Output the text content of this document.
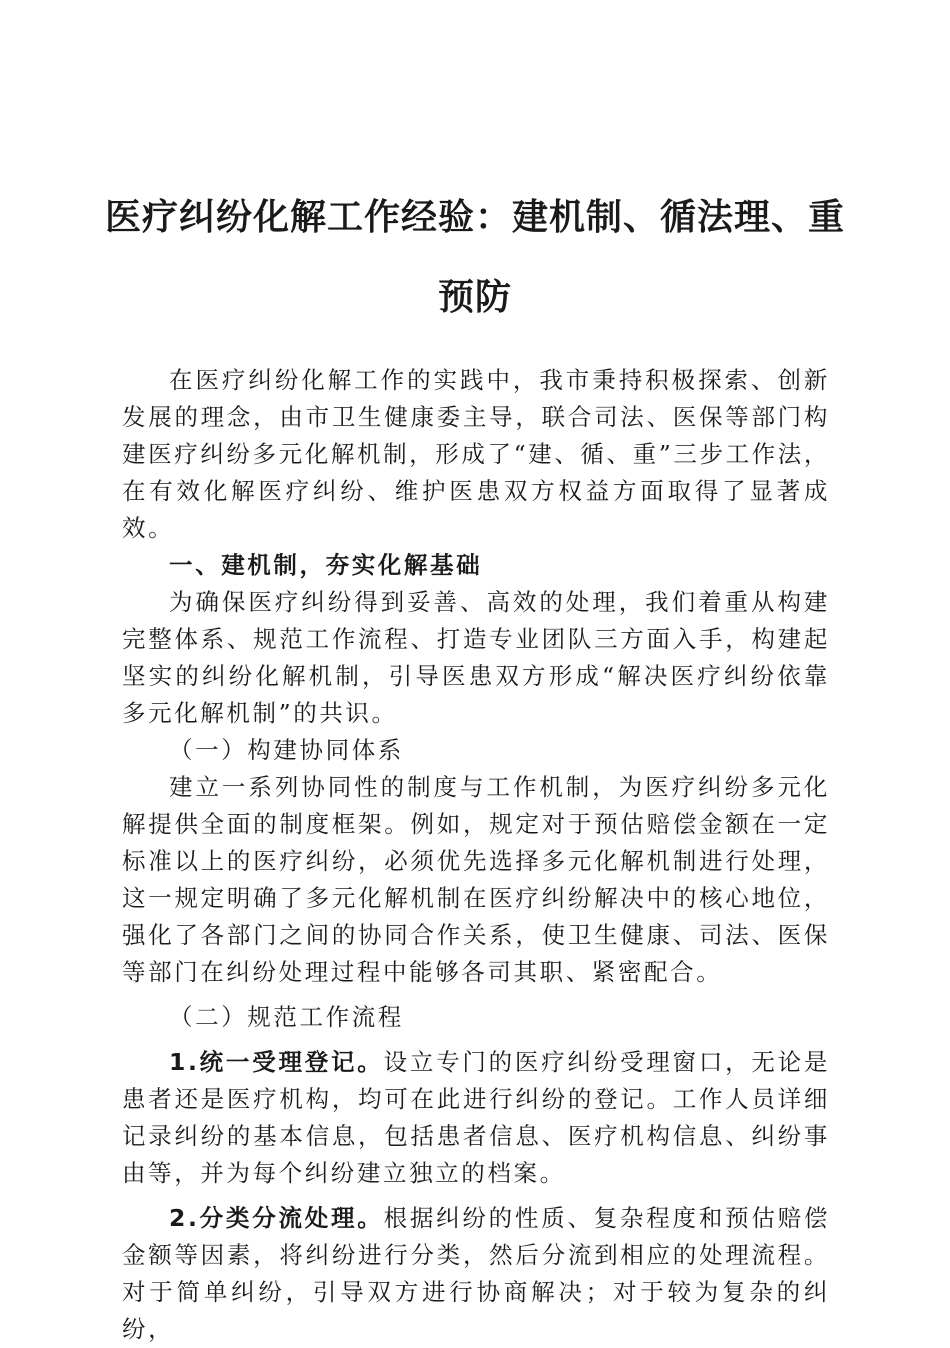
医疗纠纷化解工作经验：建机制、循法理、重预防

在医疗纠纷化解工作的实践中，我市秉持积极探索、创新发展的理念，由市卫生健康委主导，联合司法、医保等部门构建医疗纠纷多元化解机制，形成了“建、循、重”三步工作法，在有效化解医疗纠纷、维护医患双方权益方面取得了显著成效。

一、建机制，夯实化解基础

为确保医疗纠纷得到妥善、高效的处理，我们着重从构建完整体系、规范工作流程、打造专业团队三方面入手，构建起坚实的纠纷化解机制，引导医患双方形成“解决医疗纠纷依靠多元化解机制”的共识。

（一）构建协同体系

建立一系列协同性的制度与工作机制，为医疗纠纷多元化解提供全面的制度框架。例如，规定对于预估赔偿金额在一定标准以上的医疗纠纷，必须优先选择多元化解机制进行处理，这一规定明确了多元化解机制在医疗纠纷解决中的核心地位，强化了各部门之间的协同合作关系，使卫生健康、司法、医保等部门在纠纷处理过程中能够各司其职、紧密配合。

（二）规范工作流程

1.统一受理登记。设立专门的医疗纠纷受理窗口，无论是患者还是医疗机构，均可在此进行纠纷的登记。工作人员详细记录纠纷的基本信息，包括患者信息、医疗机构信息、纠纷事由等，并为每个纠纷建立独立的档案。

2.分类分流处理。根据纠纷的性质、复杂程度和预估赔偿金额等因素，将纠纷进行分类，然后分流到相应的处理流程。对于简单纠纷，引导双方进行协商解决；对于较为复杂的纠纷，
